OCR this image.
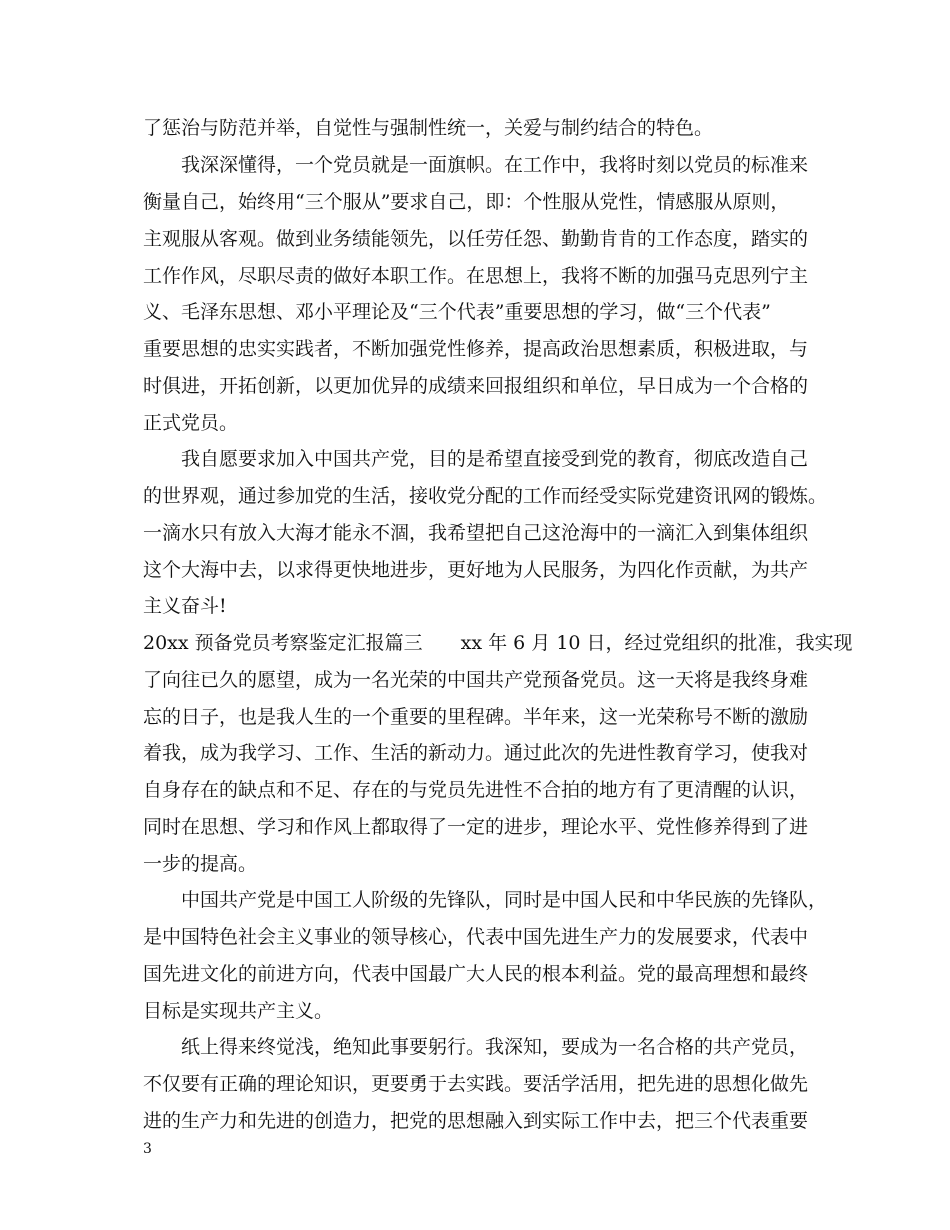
了惩治与防范并举，自觉性与强制性统一，关爱与制约结合的特色。
我深深懂得，一个党员就是一面旗帜。在工作中，我将时刻以党员的标准来
衡量自己，始终用“三个服从”要求自己，即：个性服从党性，情感服从原则，
主观服从客观。做到业务绩能领先，以任劳任怨、勤勤肯肯的工作态度，踏实的
工作作风，尽职尽责的做好本职工作。在思想上，我将不断的加强马克思列宁主
义、毛泽东思想、邓小平理论及“三个代表”重要思想的学习，做“三个代表”
重要思想的忠实实践者，不断加强党性修养，提高政治思想素质，积极进取，与
时俱进，开拓创新，以更加优异的成绩来回报组织和单位，早日成为一个合格的
正式党员。
我自愿要求加入中国共产党，目的是希望直接受到党的教育，彻底改造自己
的世界观，通过参加党的生活，接收党分配的工作而经受实际党建资讯网的锻炼。
一滴水只有放入大海才能永不涸，我希望把自己这沧海中的一滴汇入到集体组织
这个大海中去，以求得更快地进步，更好地为人民服务，为四化作贡献，为共产
主义奋斗!
20xx 预备党员考察鉴定汇报篇三　　xx 年 6 月 10 日，经过党组织的批准，我实现
了向往已久的愿望，成为一名光荣的中国共产党预备党员。这一天将是我终身难
忘的日子，也是我人生的一个重要的里程碑。半年来，这一光荣称号不断的激励
着我，成为我学习、工作、生活的新动力。通过此次的先进性教育学习，使我对
自身存在的缺点和不足、存在的与党员先进性不合拍的地方有了更清醒的认识，
同时在思想、学习和作风上都取得了一定的进步，理论水平、党性修养得到了进
一步的提高。
中国共产党是中国工人阶级的先锋队，同时是中国人民和中华民族的先锋队，
是中国特色社会主义事业的领导核心，代表中国先进生产力的发展要求，代表中
国先进文化的前进方向，代表中国最广大人民的根本利益。党的最高理想和最终
目标是实现共产主义。
纸上得来终觉浅，绝知此事要躬行。我深知，要成为一名合格的共产党员，
不仅要有正确的理论知识，更要勇于去实践。要活学活用，把先进的思想化做先
进的生产力和先进的创造力，把党的思想融入到实际工作中去，把三个代表重要
3
